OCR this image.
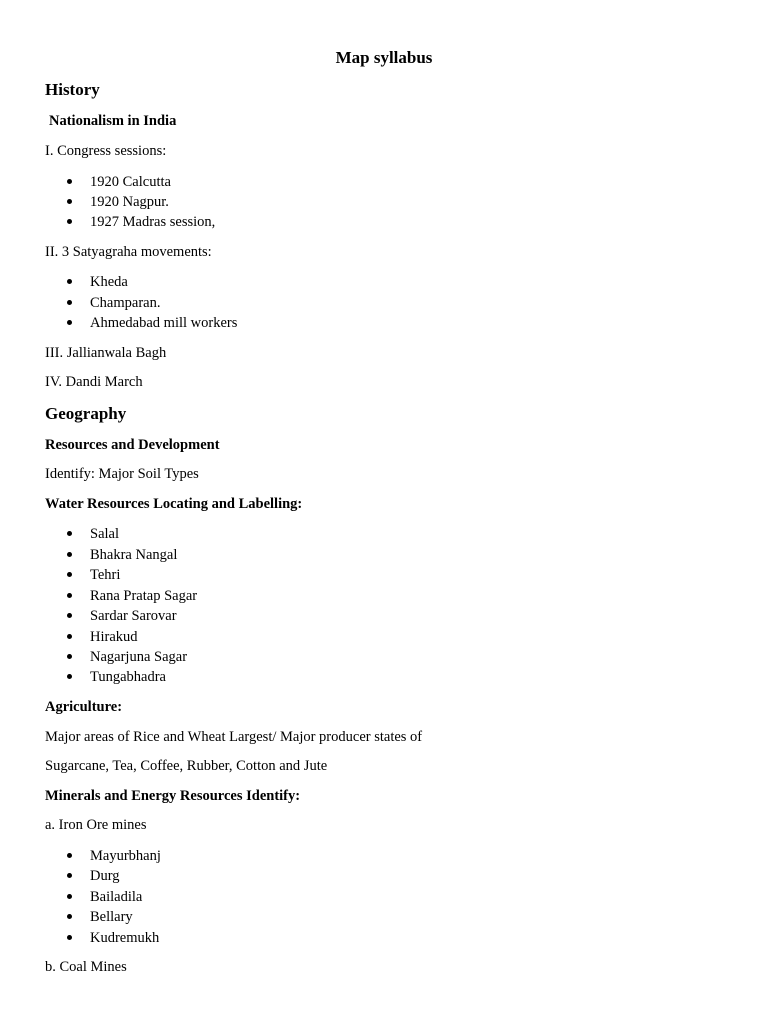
Map syllabus
History
Nationalism in India
I. Congress sessions:
1920 Calcutta
1920 Nagpur.
1927 Madras session,
II. 3 Satyagraha movements:
Kheda
Champaran.
Ahmedabad mill workers
III. Jallianwala Bagh
IV. Dandi March
Geography
Resources and Development
Identify: Major Soil Types
Water Resources Locating and Labelling:
Salal
Bhakra Nangal
Tehri
Rana Pratap Sagar
Sardar Sarovar
Hirakud
Nagarjuna Sagar
Tungabhadra
Agriculture:
Major areas of Rice and Wheat Largest/ Major producer states of
Sugarcane, Tea, Coffee, Rubber, Cotton and Jute
Minerals and Energy Resources Identify:
a. Iron Ore mines
Mayurbhanj
Durg
Bailadila
Bellary
Kudremukh
b. Coal Mines
